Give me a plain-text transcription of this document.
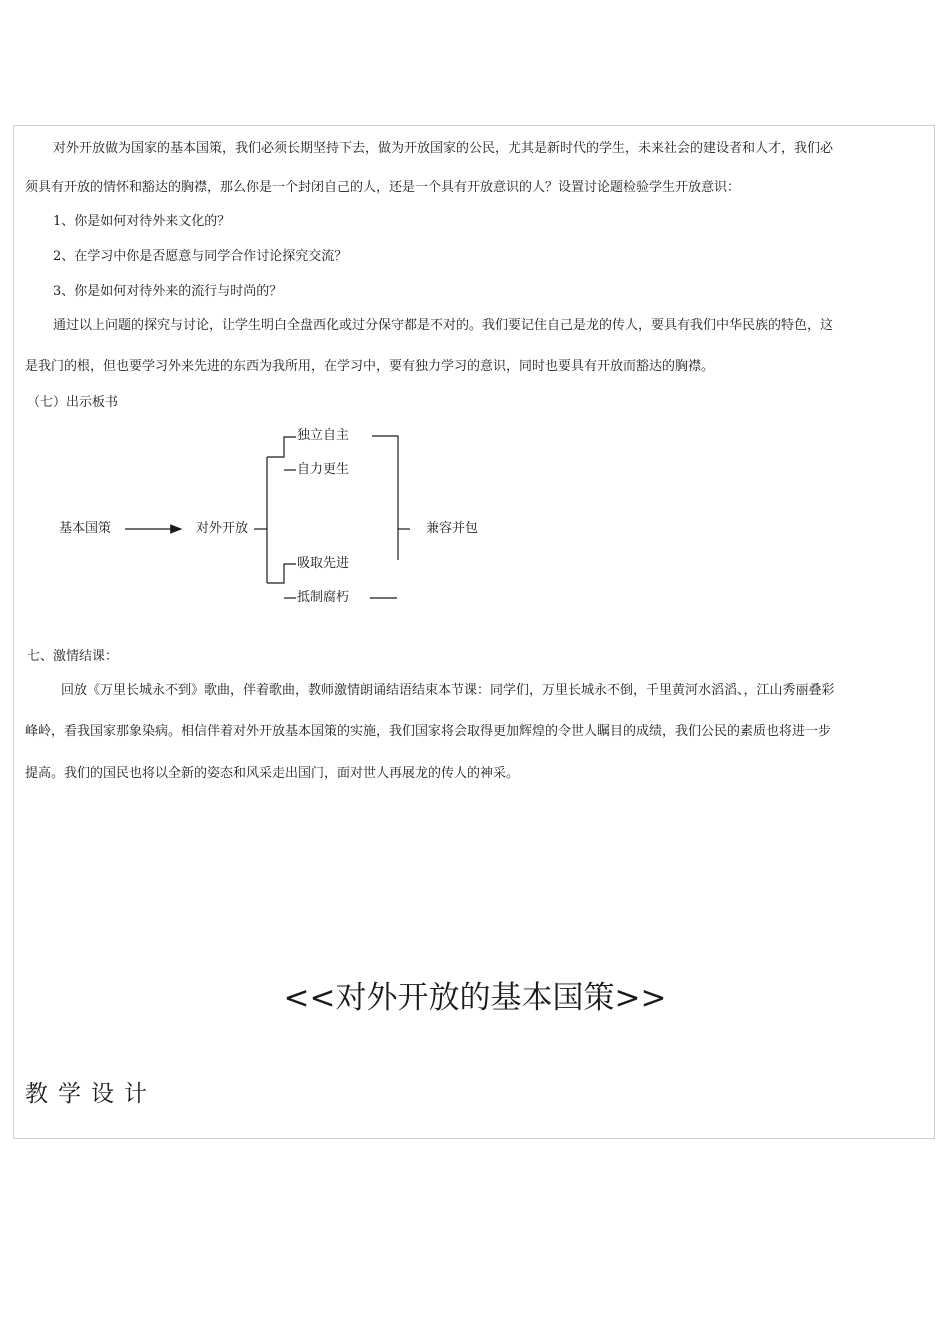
对外开放做为国家的基本国策，我们必须长期坚持下去，做为开放国家的公民，尤其是新时代的学生，未来社会的建设者和人才，我们必
须具有开放的情怀和豁达的胸襟，那么你是一个封闭自己的人，还是一个具有开放意识的人？设置讨论题检验学生开放意识：
1、你是如何对待外来文化的？
2、在学习中你是否愿意与同学合作讨论探究交流？
3、你是如何对待外来的流行与时尚的？
通过以上问题的探究与讨论，让学生明白全盘西化或过分保守都是不对的。我们要记住自己是龙的传人，要具有我们中华民族的特色，这
是我门的根，但也要学习外来先进的东西为我所用，在学习中，要有独力学习的意识，同时也要具有开放而豁达的胸襟。
（七）出示板书
基本国策	对外开放
独立自主
自力更生
吸取先进
抵制腐朽
兼容并包
七、激情结课：
回放《万里长城永不到》歌曲，伴着歌曲，教师激情朗诵结语结束本节课：同学们，万里长城永不倒，千里黄河水滔滔、，江山秀丽叠彩
峰岭，看我国家那象染病。相信伴着对外开放基本国策的实施，我们国家将会取得更加辉煌的令世人瞩目的成绩，我们公民的素质也将进一步
提高。我们的国民也将以全新的姿态和风采走出国门，面对世人再展龙的传人的神采。
<<对外开放的基本国策>>
教学设计
